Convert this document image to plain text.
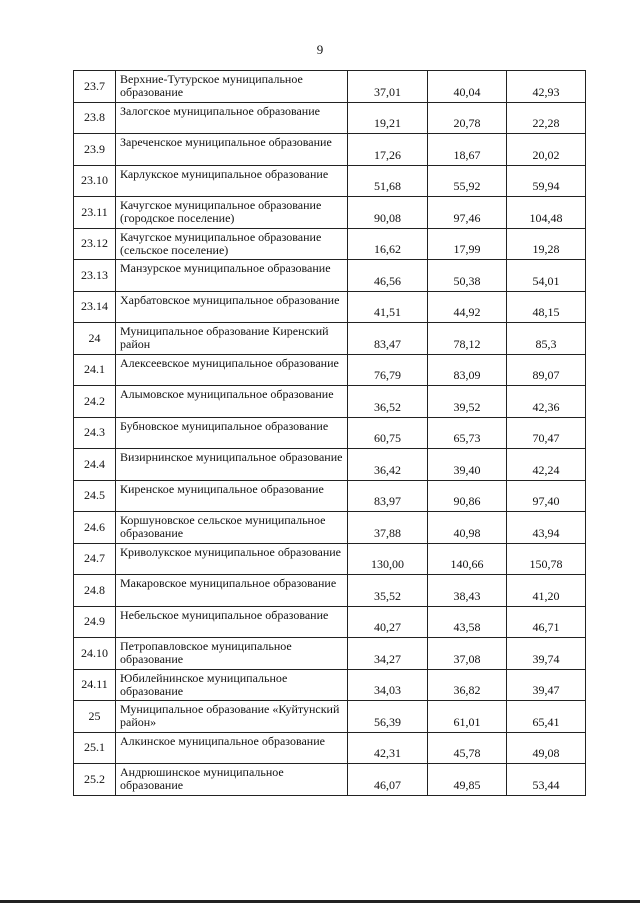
9
23.7	Верхние-Тутурское муниципальное образование	37,01	40,04	42,93
23.8	Залогское муниципальное образование	19,21	20,78	22,28
23.9	Зареченское муниципальное образование	17,26	18,67	20,02
23.10	Карлукское муниципальное образование	51,68	55,92	59,94
23.11	Качугское муниципальное образование (городское поселение)	90,08	97,46	104,48
23.12	Качугское муниципальное образование (сельское поселение)	16,62	17,99	19,28
23.13	Манзурское муниципальное образование	46,56	50,38	54,01
23.14	Харбатовское муниципальное образование	41,51	44,92	48,15
24	Муниципальное образование Киренский район	83,47	78,12	85,3
24.1	Алексеевское муниципальное образование	76,79	83,09	89,07
24.2	Алымовское муниципальное образование	36,52	39,52	42,36
24.3	Бубновское муниципальное образование	60,75	65,73	70,47
24.4	Визирнинское муниципальное образование	36,42	39,40	42,24
24.5	Киренское муниципальное образование	83,97	90,86	97,40
24.6	Коршуновское сельское муниципальное образование	37,88	40,98	43,94
24.7	Криволукское муниципальное образование	130,00	140,66	150,78
24.8	Макаровское муниципальное образование	35,52	38,43	41,20
24.9	Небельское муниципальное образование	40,27	43,58	46,71
24.10	Петропавловское муниципальное образование	34,27	37,08	39,74
24.11	Юбилейнинское муниципальное образование	34,03	36,82	39,47
25	Муниципальное образование «Куйтунский район»	56,39	61,01	65,41
25.1	Алкинское муниципальное образование	42,31	45,78	49,08
25.2	Андрюшинское муниципальное образование	46,07	49,85	53,44
